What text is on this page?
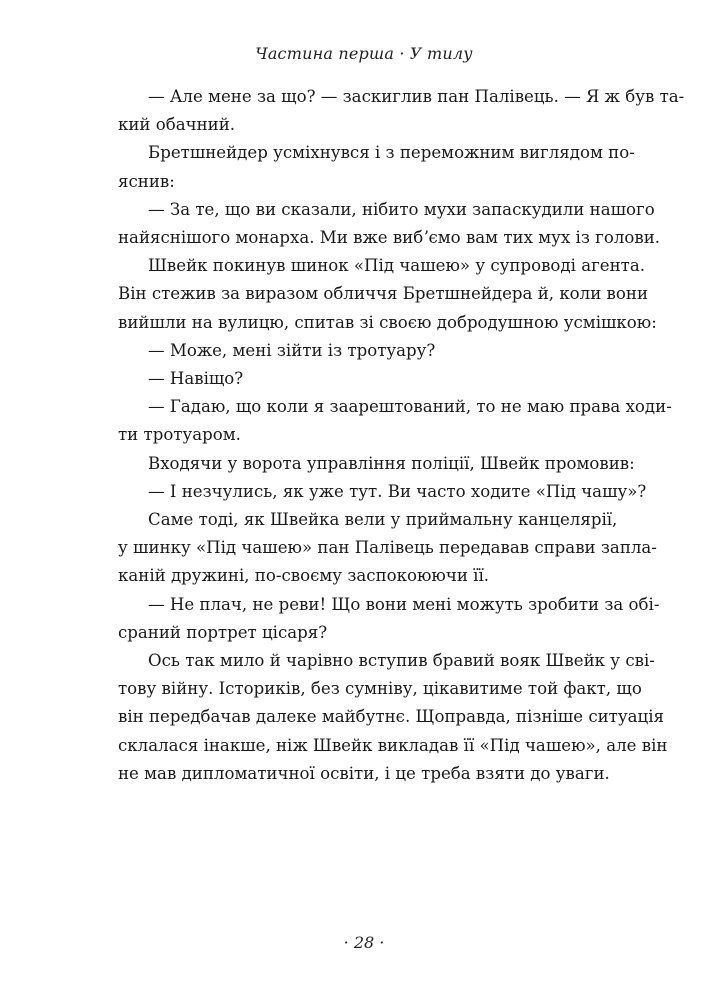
Частина перша · У тилу

— Але мене за що? — заскиглив пан Палівець. — Я ж був та-
кий обачний.

Бретшнейдер усміхнувся і з переможним виглядом по-
яснив:

— За те, що ви сказали, нібито мухи запаскудили нашого
найяснішого монарха. Ми вже вибʼємо вам тих мух із голови.

Швейк покинув шинок «Під чашею» у супроводі агента.
Він стежив за виразом обличчя Бретшнейдера й, коли вони
вийшли на вулицю, спитав зі своєю добродушною усмішкою:

— Може, мені зійти із тротуару?

— Навіщо?

— Гадаю, що коли я заарештований, то не маю права ходи-
ти тротуаром.

Входячи у ворота управління поліції, Швейк промовив:

— І незчулись, як уже тут. Ви часто ходите «Під чашу»?

Саме тоді, як Швейка вели у приймальну канцелярії,
у шинку «Під чашею» пан Палівець передавав справи запла-
каній дружині, по-своєму заспокоюючи її.

— Не плач, не реви! Що вони мені можуть зробити за обі-
сраний портрет цісаря?

Ось так мило й чарівно вступив бравий вояк Швейк у сві-
тову війну. Істориків, без сумніву, цікавитиме той факт, що
він передбачав далеке майбутнє. Щоправда, пізніше ситуація
склалася інакше, ніж Швейк викладав її «Під чашею», але він
не мав дипломатичної освіти, і це треба взяти до уваги.

· 28 ·
